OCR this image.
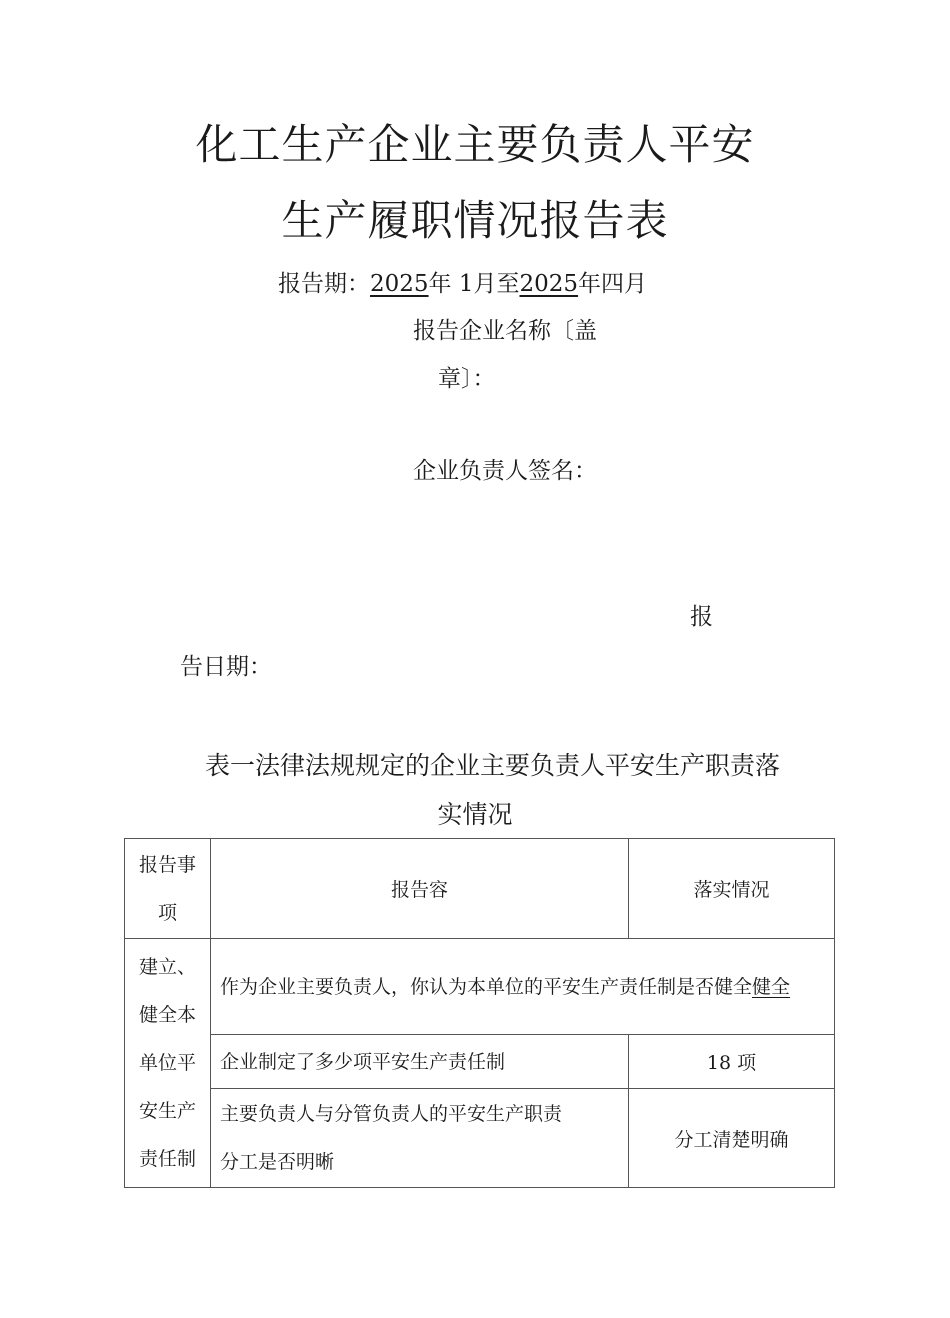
化工生产企业主要负责人平安
生产履职情况报告表
报告期：2025年 1月至2025年四月
报告企业名称〔盖
章〕：
企业负责人签名：
报
告日期：
表一法律法规规定的企业主要负责人平安生产职责落
实情况
报告事项	报告容	落实情况

建立、健全本单位平安生产责任制	作为企业主要负责人，你认为本单位的平安生产责任制是否健全健全	

	企业制定了多少项平安生产责任制	18 项

	主要负责人与分管负责人的平安生产职责分工是否明晰	分工清楚明确
